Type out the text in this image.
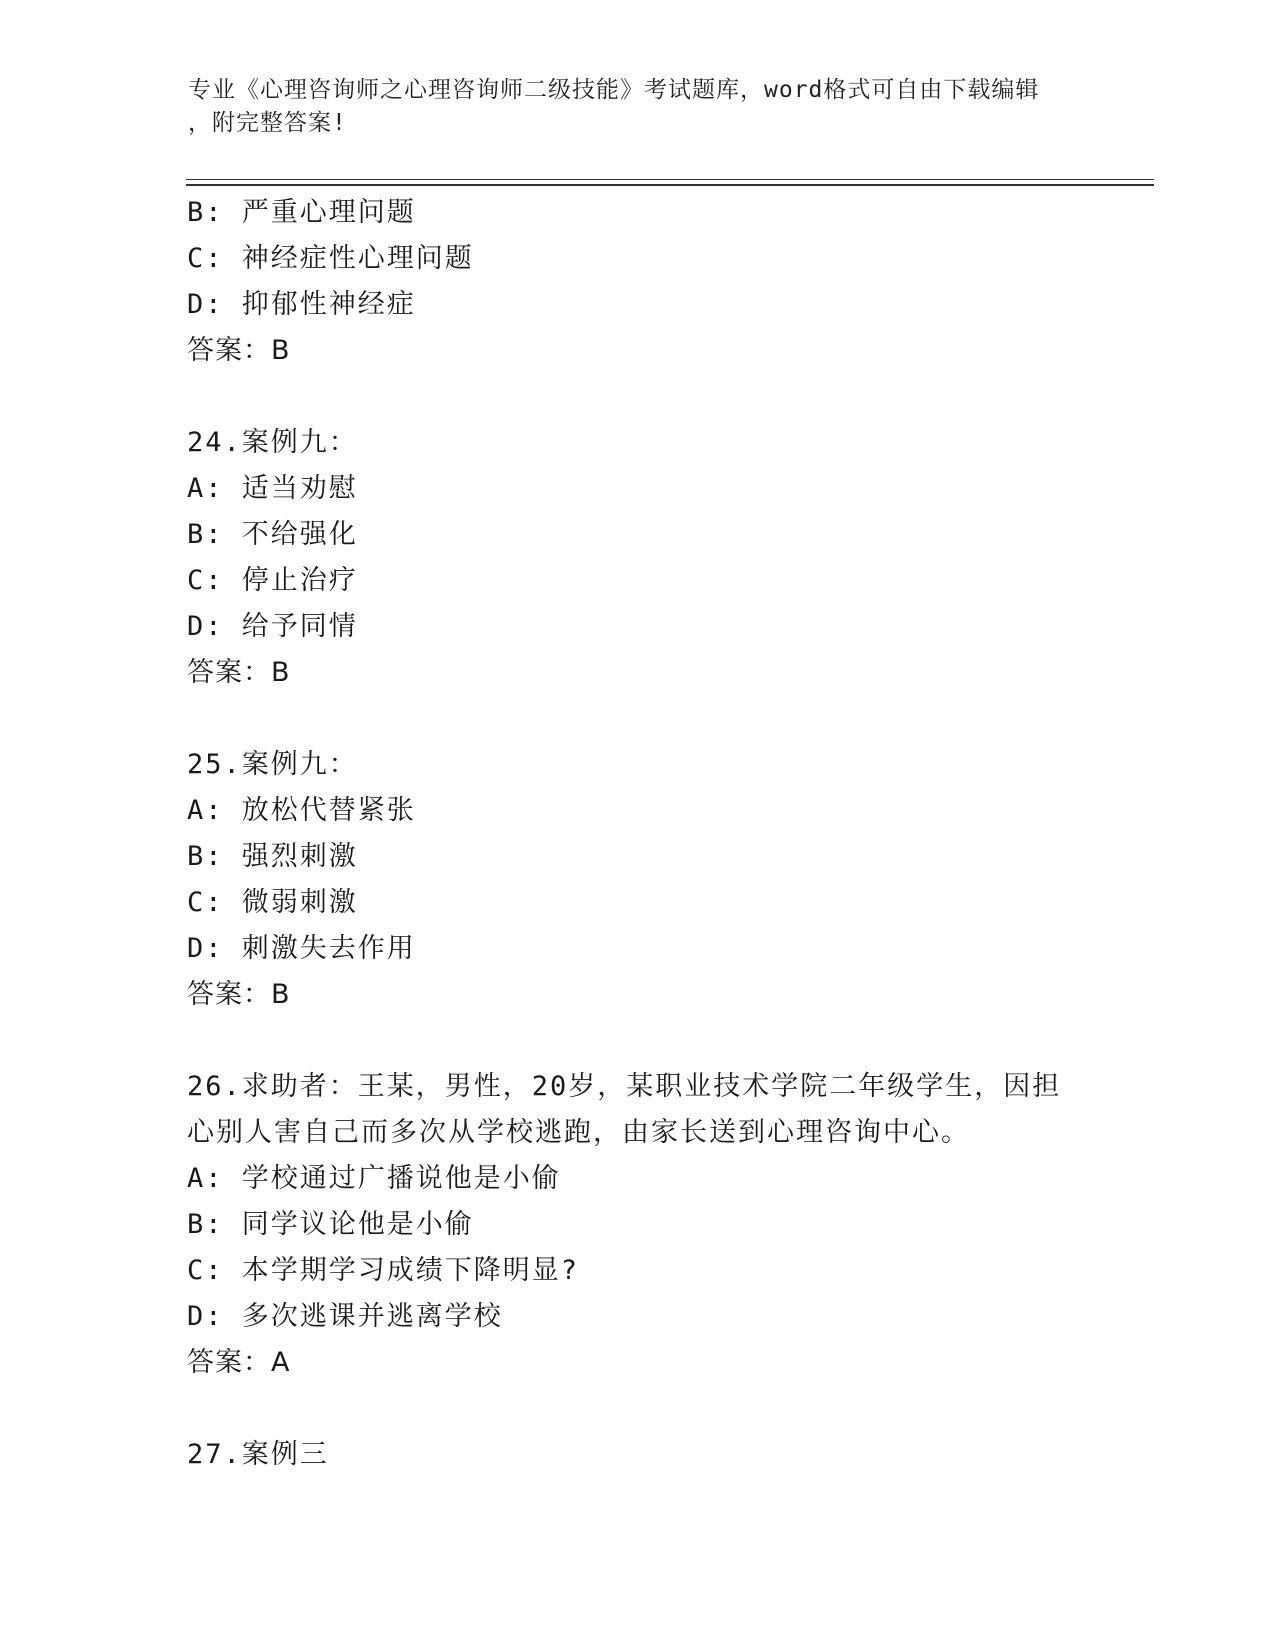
专业《心理咨询师之心理咨询师二级技能》考试题库，word格式可自由下载编辑
，附完整答案!
B: 严重心理问题
C: 神经症性心理问题
D: 抑郁性神经症
答案：B
24.案例九：
A: 适当劝慰
B: 不给强化
C: 停止治疗
D: 给予同情
答案：B
25.案例九：
A: 放松代替紧张
B: 强烈刺激
C: 微弱刺激
D: 刺激失去作用
答案：B
26.求助者：王某，男性，20岁，某职业技术学院二年级学生，因担心别人害自己而多次从学校逃跑，由家长送到心理咨询中心。
A: 学校通过广播说他是小偷
B: 同学议论他是小偷
C: 本学期学习成绩下降明显?
D: 多次逃课并逃离学校
答案：A
27.案例三
